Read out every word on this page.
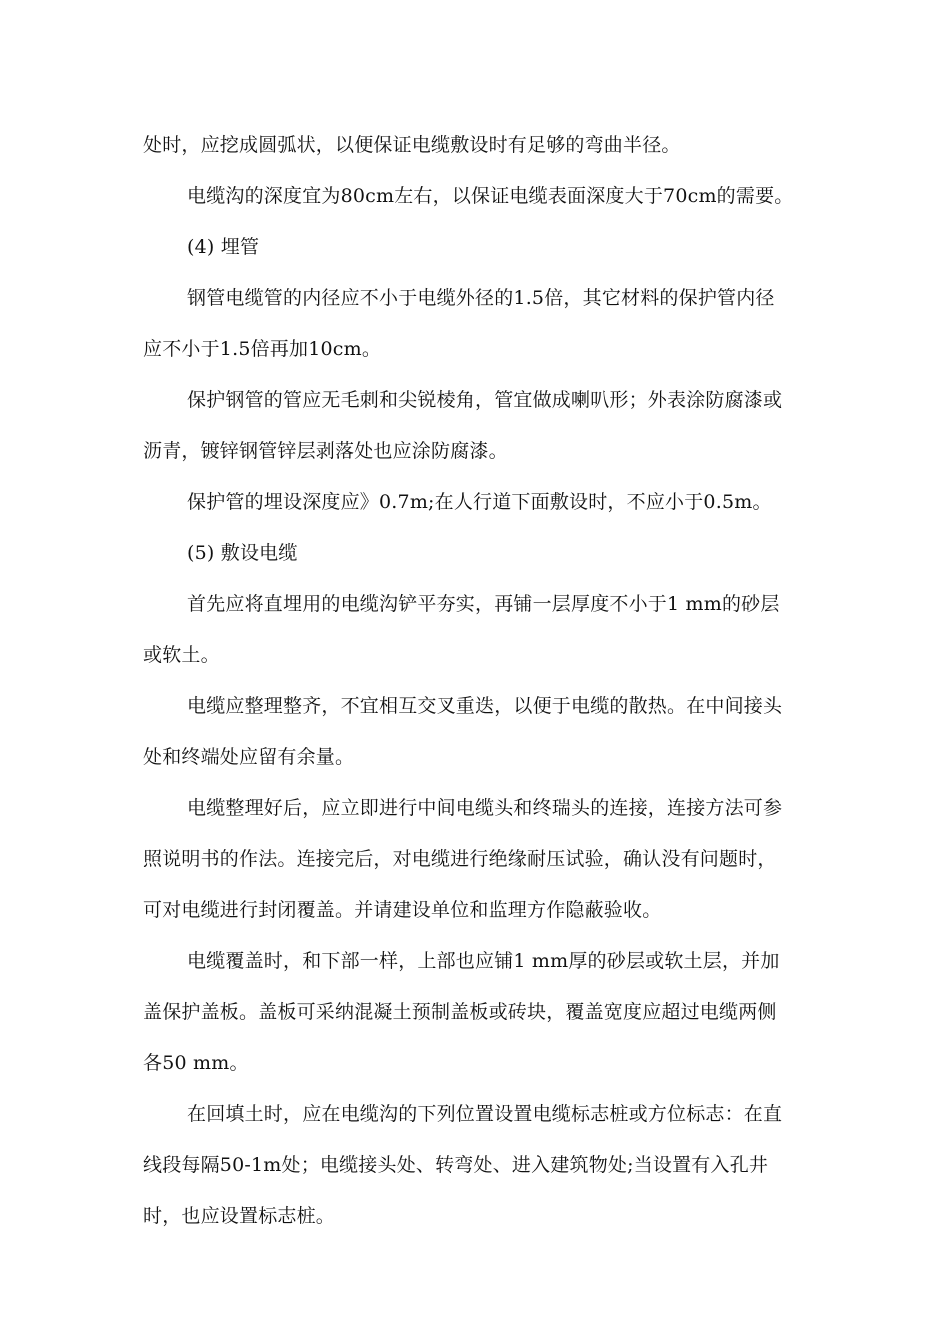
处时，应挖成圆弧状，以便保证电缆敷设时有足够的弯曲半径。
电缆沟的深度宜为80cm左右，以保证电缆表面深度大于70cm的需要。
(4) 埋管
钢管电缆管的内径应不小于电缆外径的1.5倍，其它材料的保护管内径
应不小于1.5倍再加10cm。
保护钢管的管应无毛刺和尖锐棱角，管宜做成喇叭形；外表涂防腐漆或
沥青，镀锌钢管锌层剥落处也应涂防腐漆。
保护管的埋设深度应》0.7m;在人行道下面敷设时，不应小于0.5m。
(5) 敷设电缆
首先应将直埋用的电缆沟铲平夯实，再铺一层厚度不小于1 mm的砂层
或软土。
电缆应整理整齐，不宜相互交叉重迭，以便于电缆的散热。在中间接头
处和终端处应留有余量。
电缆整理好后，应立即进行中间电缆头和终瑞头的连接，连接方法可参
照说明书的作法。连接完后，对电缆进行绝缘耐压试验，确认没有问题时，
可对电缆进行封闭覆盖。并请建设单位和监理方作隐蔽验收。
电缆覆盖时，和下部一样，上部也应铺1 mm厚的砂层或软土层，并加
盖保护盖板。盖板可采纳混凝土预制盖板或砖块，覆盖宽度应超过电缆两侧
各50 mm。
在回填土时，应在电缆沟的下列位置设置电缆标志桩或方位标志：在直
线段每隔50-1m处；电缆接头处、转弯处、进入建筑物处;当设置有入孔井
时，也应设置标志桩。
